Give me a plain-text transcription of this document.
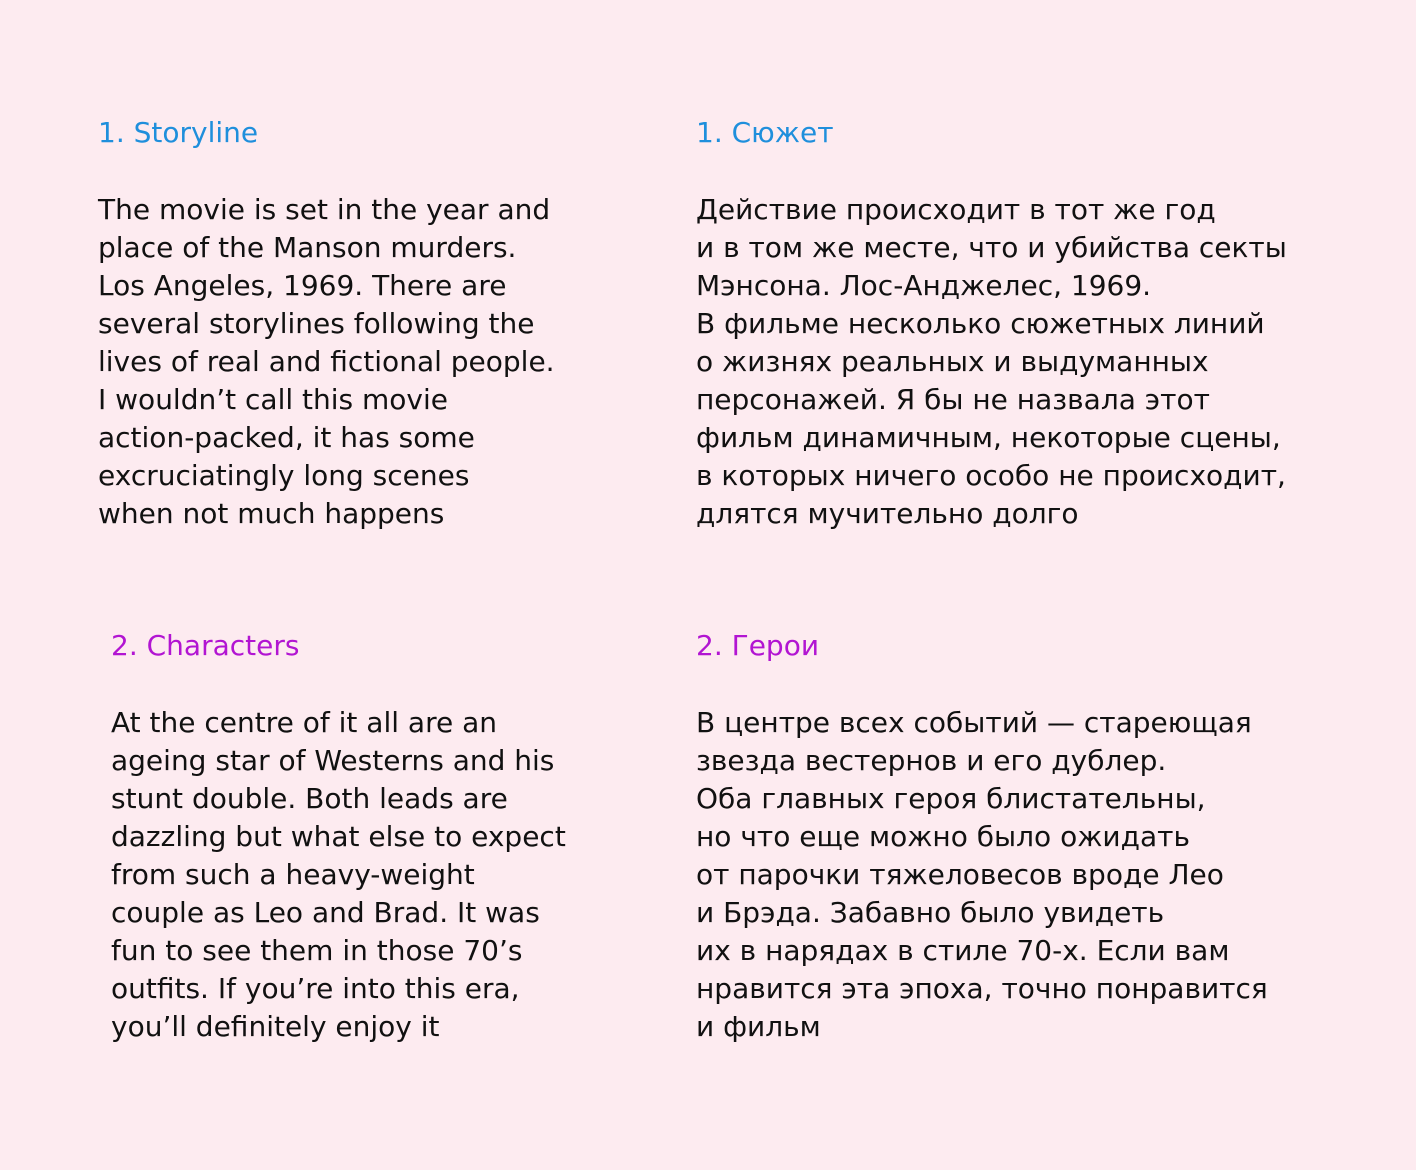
1. Storyline

The movie is set in the year and
place of the Manson murders.
Los Angeles, 1969. There are
several storylines following the
lives of real and fictional people.
I wouldn’t call this movie
action-packed, it has some
excruciatingly long scenes
when not much happens

1. Сюжет

Действие происходит в тот же год
и в том же месте, что и убийства секты
Мэнсона. Лос-Анджелес, 1969.
В фильме несколько сюжетных линий
о жизнях реальных и выдуманных
персонажей. Я бы не назвала этот
фильм динамичным, некоторые сцены,
в которых ничего особо не происходит,
длятся мучительно долго

2. Characters

At the centre of it all are an
ageing star of Westerns and his
stunt double. Both leads are
dazzling but what else to expect
from such a heavy-weight
couple as Leo and Brad. It was
fun to see them in those 70’s
outfits. If you’re into this era,
you’ll definitely enjoy it

2. Герои

В центре всех событий — стареющая
звезда вестернов и его дублер.
Оба главных героя блистательны,
но что еще можно было ожидать
от парочки тяжеловесов вроде Лео
и Брэда. Забавно было увидеть
их в нарядах в стиле 70-х. Если вам
нравится эта эпоха, точно понравится
и фильм
